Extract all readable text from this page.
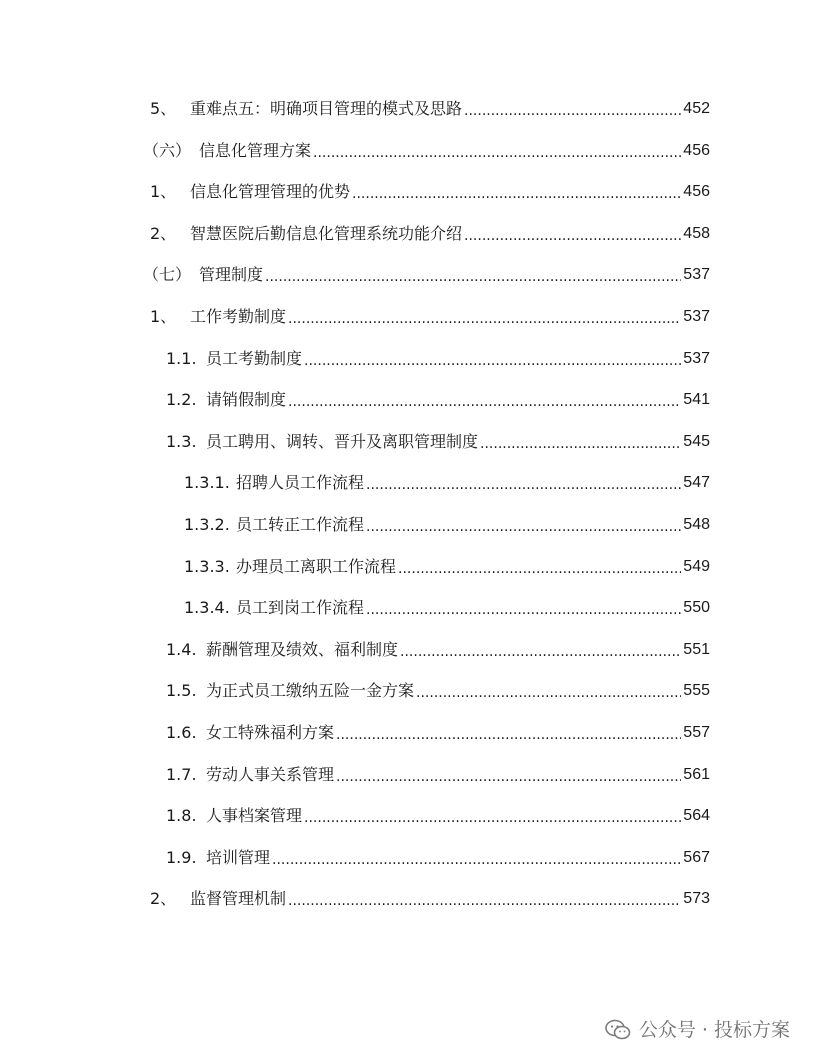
5、 重难点五：明确项目管理的模式及思路 .....	452
（六） 信息化管理方案 .....	456
1、 信息化管理管理的优势 .....	456
2、 智慧医院后勤信息化管理系统功能介绍 .....	458
（七） 管理制度 .....	537
1、 工作考勤制度 .....	537
1.1. 员工考勤制度 .....	537
1.2. 请销假制度 .....	541
1.3. 员工聘用、调转、晋升及离职管理制度 .....	545
1.3.1. 招聘人员工作流程 .....	547
1.3.2. 员工转正工作流程 .....	548
1.3.3. 办理员工离职工作流程 .....	549
1.3.4. 员工到岗工作流程 .....	550
1.4. 薪酬管理及绩效、福利制度 .....	551
1.5. 为正式员工缴纳五险一金方案 .....	555
1.6. 女工特殊福利方案 .....	557
1.7. 劳动人事关系管理 .....	561
1.8. 人事档案管理 .....	564
1.9. 培训管理 .....	567
2、 监督管理机制 .....	573
公众号 · 投标方案
